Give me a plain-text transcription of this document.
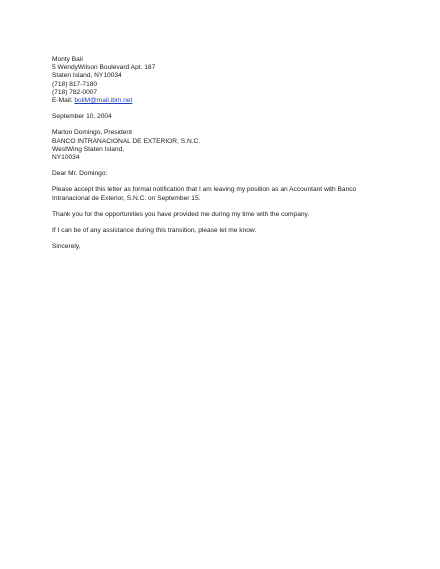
Monty Bail
5 WendyWilson Boulevard Apt. 187
Staten Island, NY10034
(718) 817-7180
(718) 782-0007
E-Mail: boilM@mail.ibm.net
September 10, 2004
Marlon Domingo, President
BANCO INTRANACIONAL DE EXTERIOR, S.N.C.
WestWing Staten Island,
NY10034
Dear Mr. Domingo:

Please accept this letter as formal notification that I am leaving my position as an Accountant with Banco Intranacional de Exterior, S.N.C. on September 15.

Thank you for the opportunities you have provided me during my time with the company.

If I can be of any assistance during this transition, please let me know.

Sincerely,
